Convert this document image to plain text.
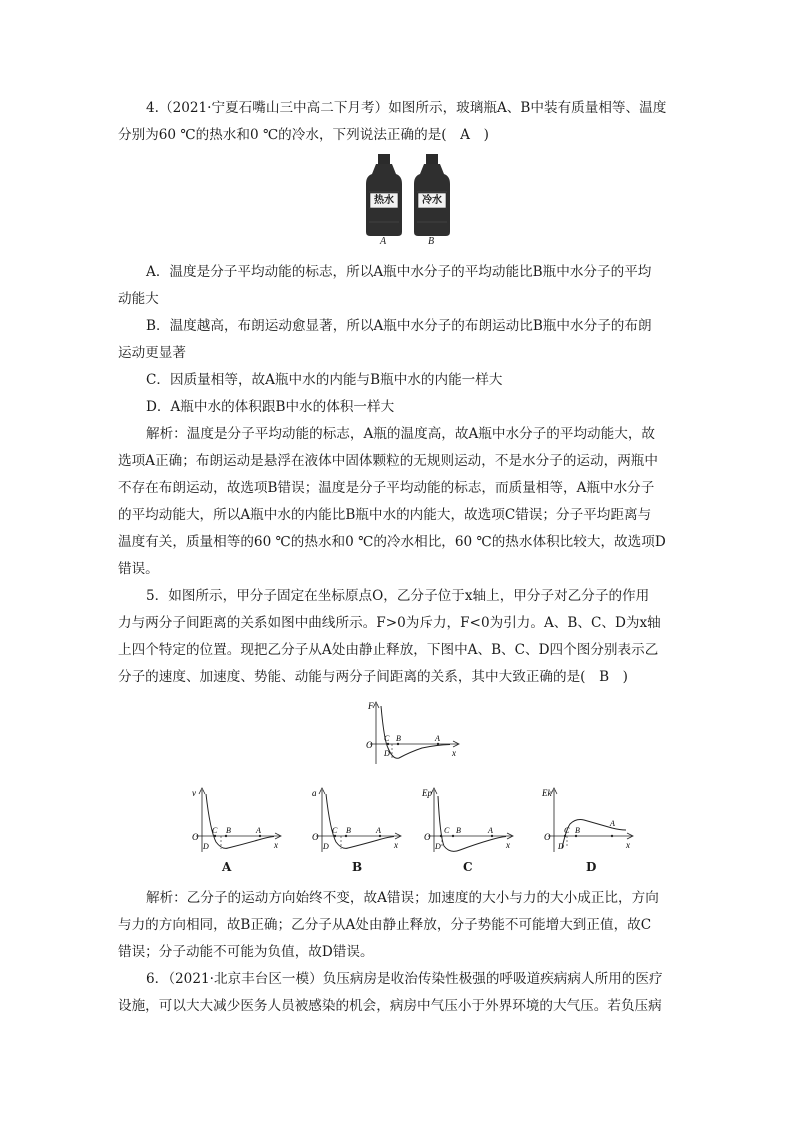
4.（2021·宁夏石嘴山三中高二下月考）如图所示，玻璃瓶A、B中装有质量相等、温度
分别为60 ℃的热水和0 ℃的冷水，下列说法正确的是(　A　)
热水	冷水
A	B
A．温度是分子平均动能的标志，所以A瓶中水分子的平均动能比B瓶中水分子的平均
动能大
B．温度越高，布朗运动愈显著，所以A瓶中水分子的布朗运动比B瓶中水分子的布朗
运动更显著
C．因质量相等，故A瓶中水的内能与B瓶中水的内能一样大
D．A瓶中水的体积跟B中水的体积一样大
解析：温度是分子平均动能的标志，A瓶的温度高，故A瓶中水分子的平均动能大，故
选项A正确；布朗运动是悬浮在液体中固体颗粒的无规则运动，不是水分子的运动，两瓶中
不存在布朗运动，故选项B错误；温度是分子平均动能的标志，而质量相等，A瓶中水分子
的平均动能大，所以A瓶中水的内能比B瓶中水的内能大，故选项C错误；分子平均距离与
温度有关，质量相等的60 ℃的热水和0 ℃的冷水相比，60 ℃的热水体积比较大，故选项D
错误。
5．如图所示，甲分子固定在坐标原点O，乙分子位于x轴上，甲分子对乙分子的作用
力与两分子间距离的关系如图中曲线所示。F>0为斥力，F<0为引力。A、B、C、D为x轴
上四个特定的位置。现把乙分子从A处由静止释放，下图中A、B、C、D四个图分别表示乙
分子的速度、加速度、势能、动能与两分子间距离的关系，其中大致正确的是(　B　)
F
O
x
C B	A
D
v
O
C B	A
D	x
A
a
O
C B	A
D	x
B
Ep
O
C B	A
D	x
C
Ek
O
C B
A
D	x
D
解析：乙分子的运动方向始终不变，故A错误；加速度的大小与力的大小成正比，方向
与力的方向相同，故B正确；乙分子从A处由静止释放，分子势能不可能增大到正值，故C
错误；分子动能不可能为负值，故D错误。
6．（2021·北京丰台区一模）负压病房是收治传染性极强的呼吸道疾病病人所用的医疗
设施，可以大大减少医务人员被感染的机会，病房中气压小于外界环境的大气压。若负压病
